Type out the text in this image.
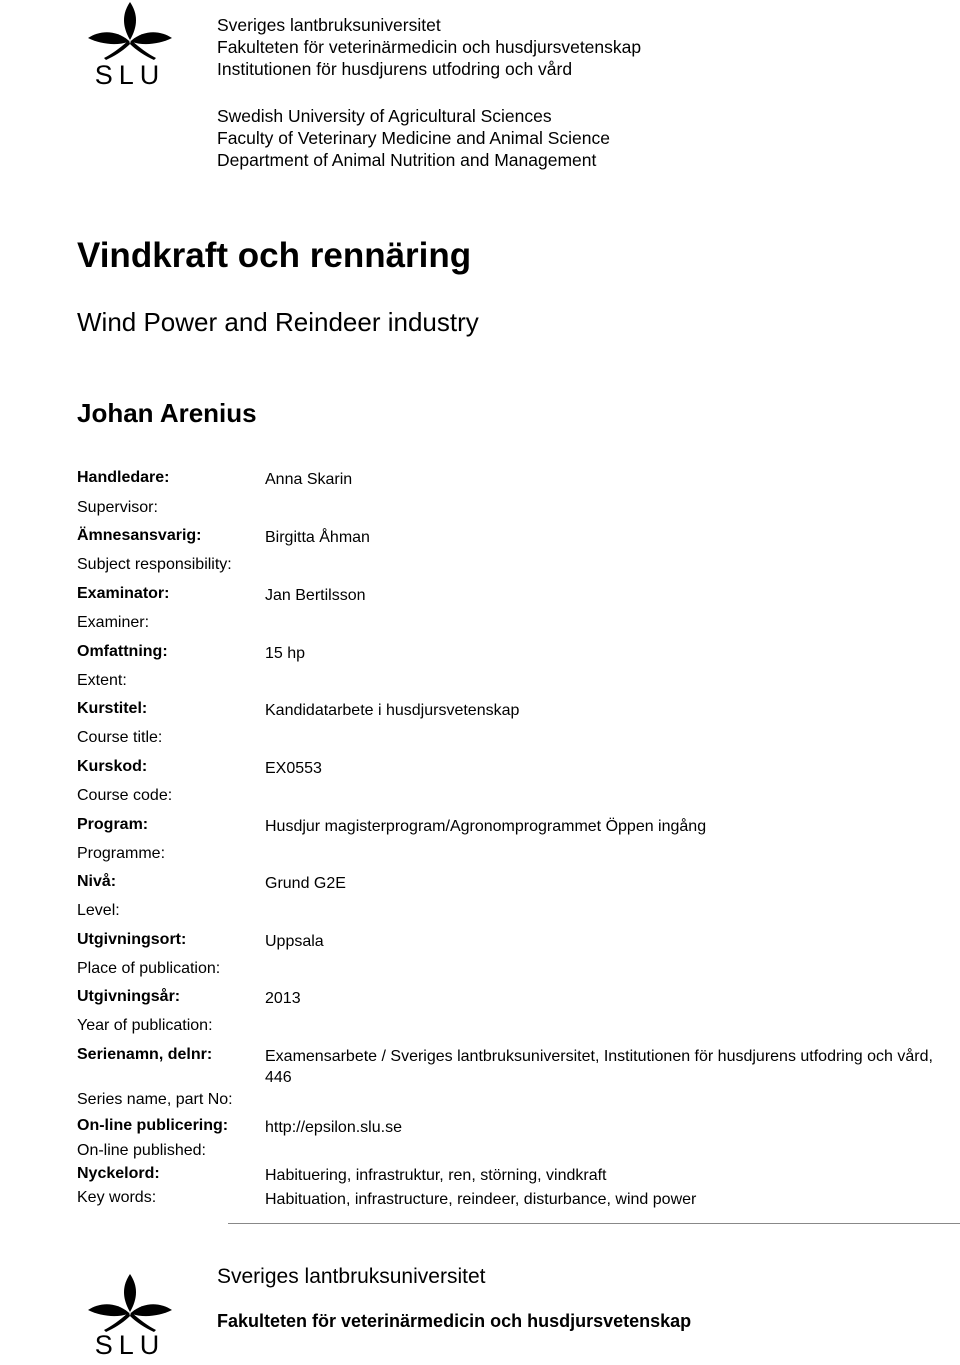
SLU
Sveriges lantbruksuniversitet
Fakulteten för veterinärmedicin och husdjursvetenskap
Institutionen för husdjurens utfodring och vård
Swedish University of Agricultural Sciences
Faculty of Veterinary Medicine and Animal Science
Department of Animal Nutrition and Management
Vindkraft och rennäring
Wind Power and Reindeer industry
Johan Arenius
Handledare:
Supervisor:
Anna Skarin
Ämnesansvarig:
Subject responsibility:
Birgitta Åhman
Examinator:
Examiner:
Jan Bertilsson
Omfattning:
Extent:
15 hp
Kurstitel:
Course title:
Kandidatarbete i husdjursvetenskap
Kurskod:
Course code:
EX0553
Program:
Programme:
Husdjur magisterprogram/Agronomprogrammet Öppen ingång
Nivå:
Level:
Grund G2E
Utgivningsort:
Place of publication:
Uppsala
Utgivningsår:
Year of publication:
2013
Serienamn, delnr:
Series name, part No:
Examensarbete / Sveriges lantbruksuniversitet, Institutionen för husdjurens utfodring och vård, 446
On-line publicering:
On-line published:
http://epsilon.slu.se
Nyckelord:
Key words:
Habituering, infrastruktur, ren, störning, vindkraft
Habituation, infrastructure, reindeer, disturbance, wind power
SLU
Sveriges lantbruksuniversitet
Fakulteten för veterinärmedicin och husdjursvetenskap
